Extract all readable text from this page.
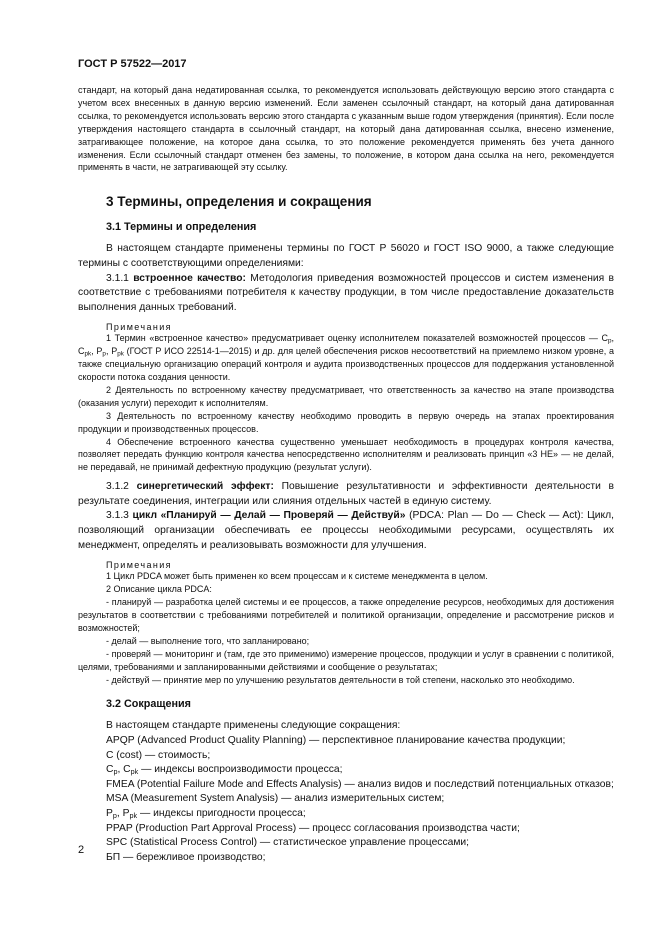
ГОСТ Р 57522—2017

стандарт, на который дана недатированная ссылка, то рекомендуется использовать действующую версию этого стандарта с учетом всех внесенных в данную версию изменений. Если заменен ссылочный стандарт, на который дана датированная ссылка, то рекомендуется использовать версию этого стандарта с указанным выше годом утверждения (принятия). Если после утверждения настоящего стандарта в ссылочный стандарт, на который дана датированная ссылка, внесено изменение, затрагивающее положение, на которое дана ссылка, то это положение рекомендуется применять без учета данного изменения. Если ссылочный стандарт отменен без замены, то положение, в котором дана ссылка на него, рекомендуется применять в части, не затрагивающей эту ссылку.

3 Термины, определения и сокращения
3.1 Термины и определения

В настоящем стандарте применены термины по ГОСТ Р 56020 и ГОСТ ISO 9000, а также следующие термины с соответствующими определениями:

3.1.1 встроенное качество: Методология приведения возможностей процессов и систем изменения в соответствие с требованиями потребителя к качеству продукции, в том числе предоставление доказательств выполнения данных требований.

Примечания

1 Термин «встроенное качество» предусматривает оценку исполнителем показателей возможностей процессов — $C_p$, $C_{pk}$, $P_p$, $P_{pk}$ (ГОСТ Р ИСО 22514-1—2015) и др. для целей обеспечения рисков несоответствий на приемлемо низком уровне, а также специальную организацию операций контроля и аудита производственных процессов для поддержания установленной скорости потока создания ценности.

2 Деятельность по встроенному качеству предусматривает, что ответственность за качество на этапе производства (оказания услуги) переходит к исполнителям.

3 Деятельность по встроенному качеству необходимо проводить в первую очередь на этапах проектирования продукции и производственных процессов.

4 Обеспечение встроенного качества существенно уменьшает необходимость в процедурах контроля качества, позволяет передать функцию контроля качества непосредственно исполнителям и реализовать принцип «3 НЕ» — не делай, не передавай, не принимай дефектную продукцию (результат услуги).

3.1.2 синергетический эффект: Повышение результативности и эффективности деятельности в результате соединения, интеграции или слияния отдельных частей в единую систему.

3.1.3 цикл «Планируй — Делай — Проверяй — Действуй» (PDCA: Plan — Do — Check — Act): Цикл, позволяющий организации обеспечивать ее процессы необходимыми ресурсами, осуществлять их менеджмент, определять и реализовывать возможности для улучшения.

Примечания

1 Цикл PDCA может быть применен ко всем процессам и к системе менеджмента в целом.

2 Описание цикла PDCA:

- планируй — разработка целей системы и ее процессов, а также определение ресурсов, необходимых для достижения результатов в соответствии с требованиями потребителей и политикой организации, определение и рассмотрение рисков и возможностей;

- делай — выполнение того, что запланировано;

- проверяй — мониторинг и (там, где это применимо) измерение процессов, продукции и услуг в сравнении с политикой, целями, требованиями и запланированными действиями и сообщение о результатах;

- действуй — принятие мер по улучшению результатов деятельности в той степени, насколько это необходимо.

3.2 Сокращения

В настоящем стандарте применены следующие сокращения:

APQP (Advanced Product Quality Planning) — перспективное планирование качества продукции;

C (cost) — стоимость;

$C_p$, $C_{pk}$ — индексы воспроизводимости процесса;

FMEA (Potential Failure Mode and Effects Analysis) — анализ видов и последствий потенциальных отказов;

MSA (Measurement System Analysis) — анализ измерительных систем;

$P_p$, $P_{pk}$ — индексы пригодности процесса;

PPAP (Production Part Approval Process) — процесс согласования производства части;

SPC (Statistical Process Control) — статистическое управление процессами;

БП — бережливое производство;

2
